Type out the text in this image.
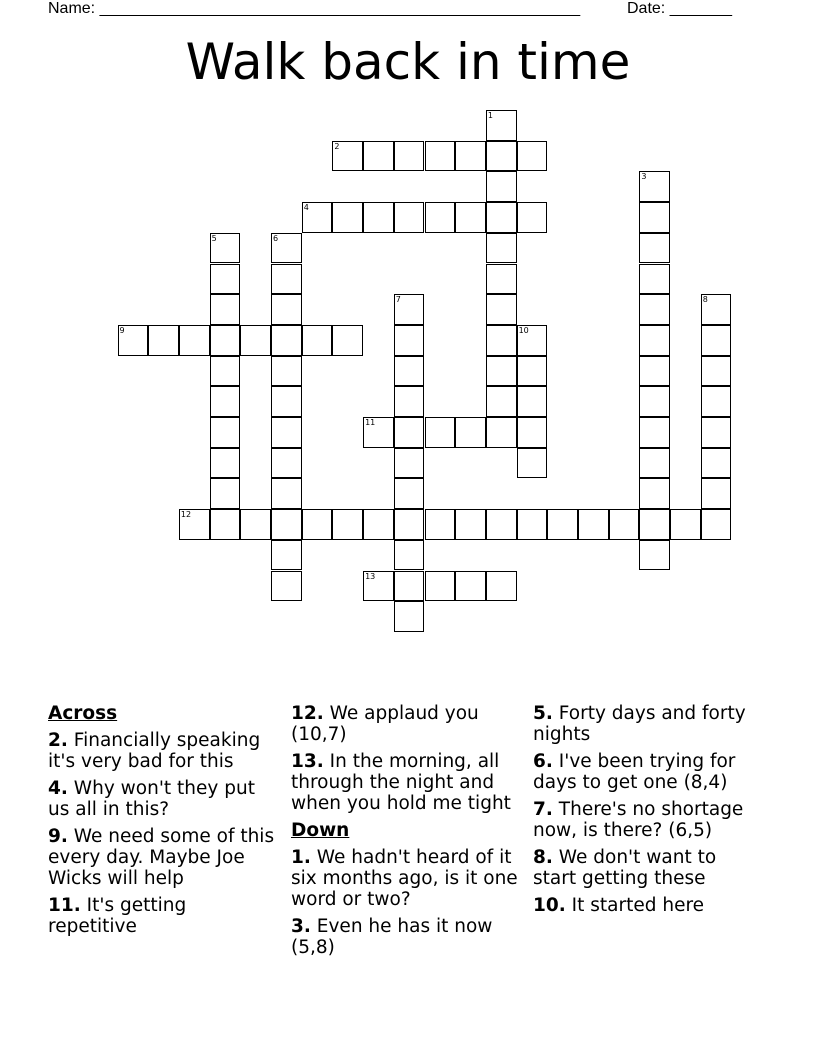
Name: ______________________________________________________	Date: _______
Walk back in time
1
2
4
3
5	6
9
7	8
10
11
12
13
Across
2. Financially speaking it's very bad for this
4. Why won't they put us all in this?
9. We need some of this every day. Maybe Joe Wicks will help
11. It's getting repetitive
12. We applaud you (10,7)
13. In the morning, all through the night and when you hold me tight
Down
1. We hadn't heard of it six months ago, is it one word or two?
3. Even he has it now (5,8)
5. Forty days and forty nights
6. I've been trying for days to get one (8,4)
7. There's no shortage now, is there? (6,5)
8. We don't want to start getting these
10. It started here
